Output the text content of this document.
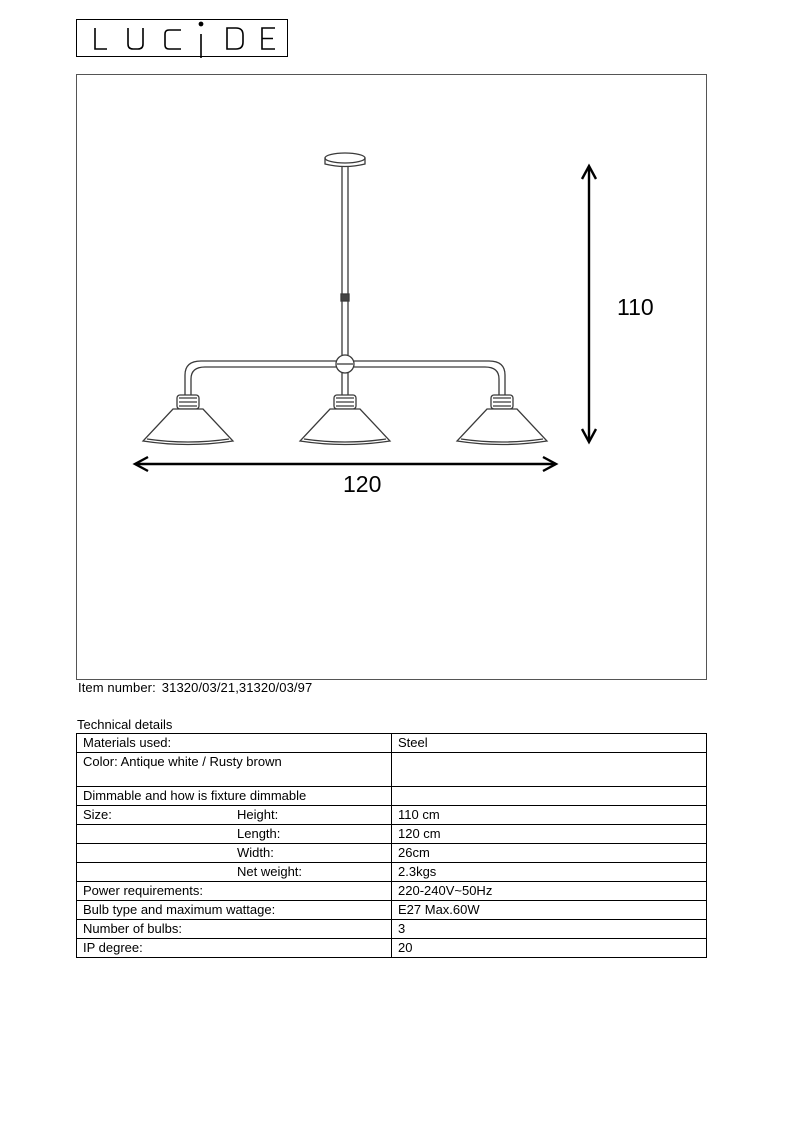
110
120
Item number: 31320/03/21,31320/03/97
Technical details
Materials used:	Steel
Color: Antique white / Rusty brown	
Dimmable and how is fixture dimmable	
Size: Height:	110 cm

Length:	120 cm

Width:	26cm

Net weight:	2.3kgs
Power requirements:	220-240V~50Hz
Bulb type and maximum wattage:	E27 Max.60W
Number of bulbs:	3
IP degree:	20
